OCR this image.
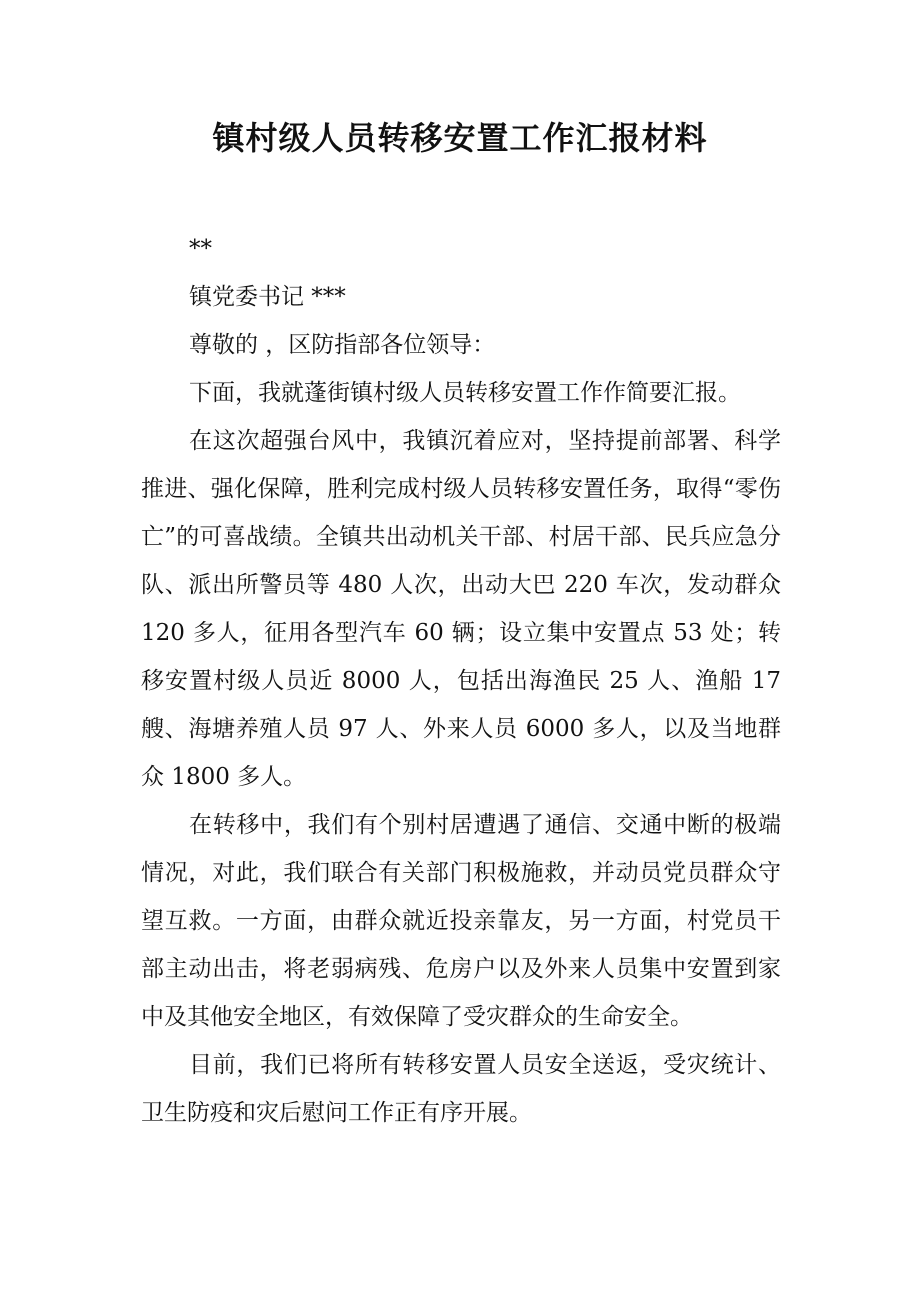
镇村级人员转移安置工作汇报材料

**

镇党委书记 ***

尊敬的 ，区防指部各位领导：

下面，我就蓬街镇村级人员转移安置工作作简要汇报。

在这次超强台风中，我镇沉着应对，坚持提前部署、科学推进、强化保障，胜利完成村级人员转移安置任务，取得“零伤亡”的可喜战绩。全镇共出动机关干部、村居干部、民兵应急分队、派出所警员等 480 人次，出动大巴 220 车次，发动群众 120 多人，征用各型汽车 60 辆；设立集中安置点 53 处；转移安置村级人员近 8000 人，包括出海渔民 25 人、渔船 17 艘、海塘养殖人员 97 人、外来人员 6000 多人，以及当地群众 1800 多人。

在转移中，我们有个别村居遭遇了通信、交通中断的极端情况，对此，我们联合有关部门积极施救，并动员党员群众守望互救。一方面，由群众就近投亲靠友，另一方面，村党员干部主动出击，将老弱病残、危房户以及外来人员集中安置到家中及其他安全地区，有效保障了受灾群众的生命安全。

目前，我们已将所有转移安置人员安全送返，受灾统计、卫生防疫和灾后慰问工作正有序开展。
